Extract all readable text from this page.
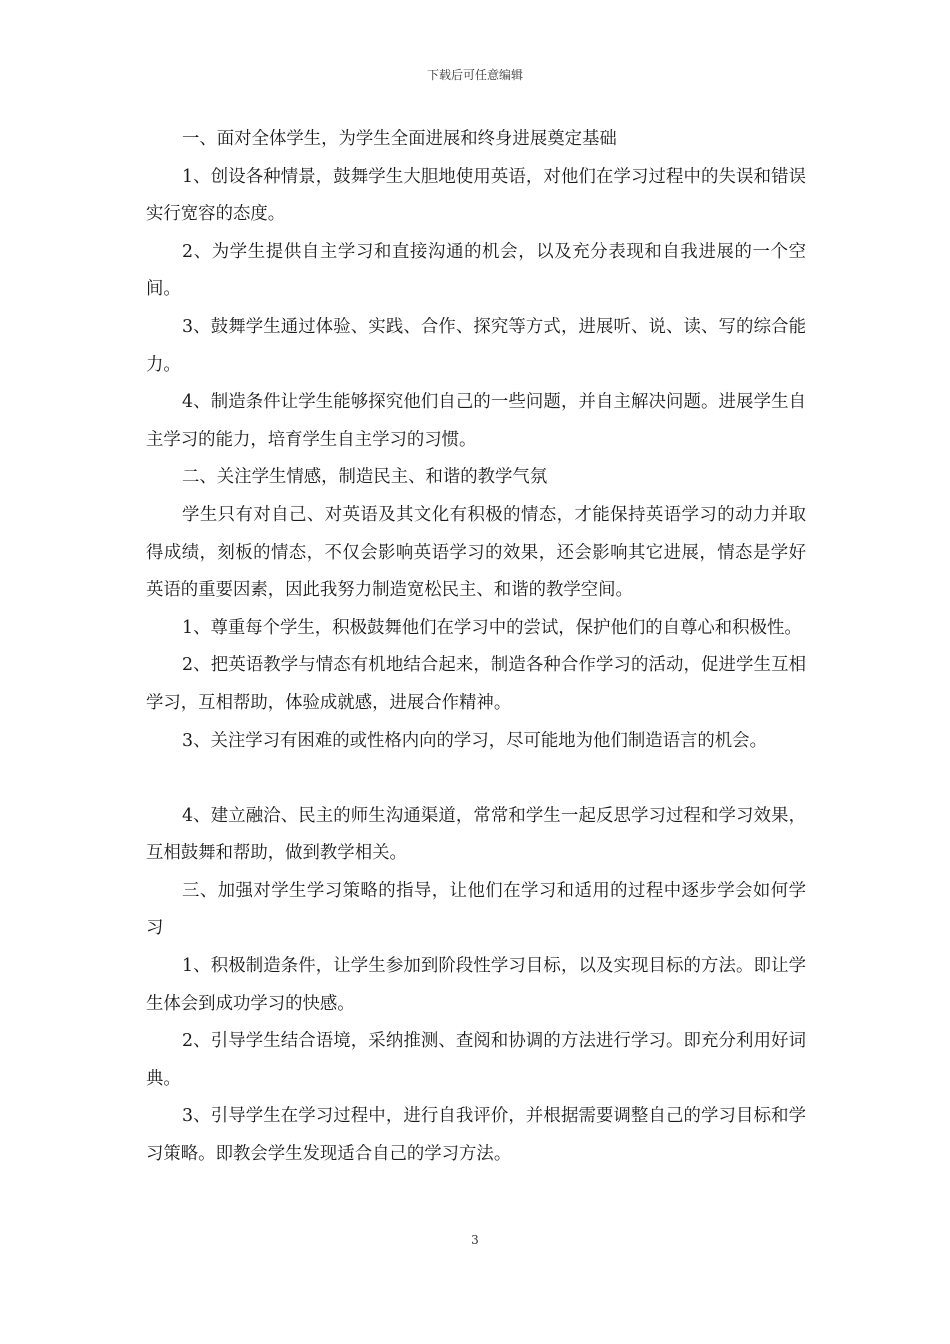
下载后可任意编辑

一、面对全体学生，为学生全面进展和终身进展奠定基础

1、创设各种情景，鼓舞学生大胆地使用英语，对他们在学习过程中的失误和错误实行宽容的态度。

2、为学生提供自主学习和直接沟通的机会，以及充分表现和自我进展的一个空间。

3、鼓舞学生通过体验、实践、合作、探究等方式，进展听、说、读、写的综合能力。

4、制造条件让学生能够探究他们自己的一些问题，并自主解决问题。进展学生自主学习的能力，培育学生自主学习的习惯。

二、关注学生情感，制造民主、和谐的教学气氛

学生只有对自己、对英语及其文化有积极的情态，才能保持英语学习的动力并取得成绩，刻板的情态，不仅会影响英语学习的效果，还会影响其它进展，情态是学好英语的重要因素，因此我努力制造宽松民主、和谐的教学空间。

1、尊重每个学生，积极鼓舞他们在学习中的尝试，保护他们的自尊心和积极性。

2、把英语教学与情态有机地结合起来，制造各种合作学习的活动，促进学生互相学习，互相帮助，体验成就感，进展合作精神。

3、关注学习有困难的或性格内向的学习，尽可能地为他们制造语言的机会。

4、建立融洽、民主的师生沟通渠道，常常和学生一起反思学习过程和学习效果，互相鼓舞和帮助，做到教学相关。

三、加强对学生学习策略的指导，让他们在学习和适用的过程中逐步学会如何学习

1、积极制造条件，让学生参加到阶段性学习目标，以及实现目标的方法。即让学生体会到成功学习的快感。

2、引导学生结合语境，采纳推测、查阅和协调的方法进行学习。即充分利用好词典。

3、引导学生在学习过程中，进行自我评价，并根据需要调整自己的学习目标和学习策略。即教会学生发现适合自己的学习方法。

3
